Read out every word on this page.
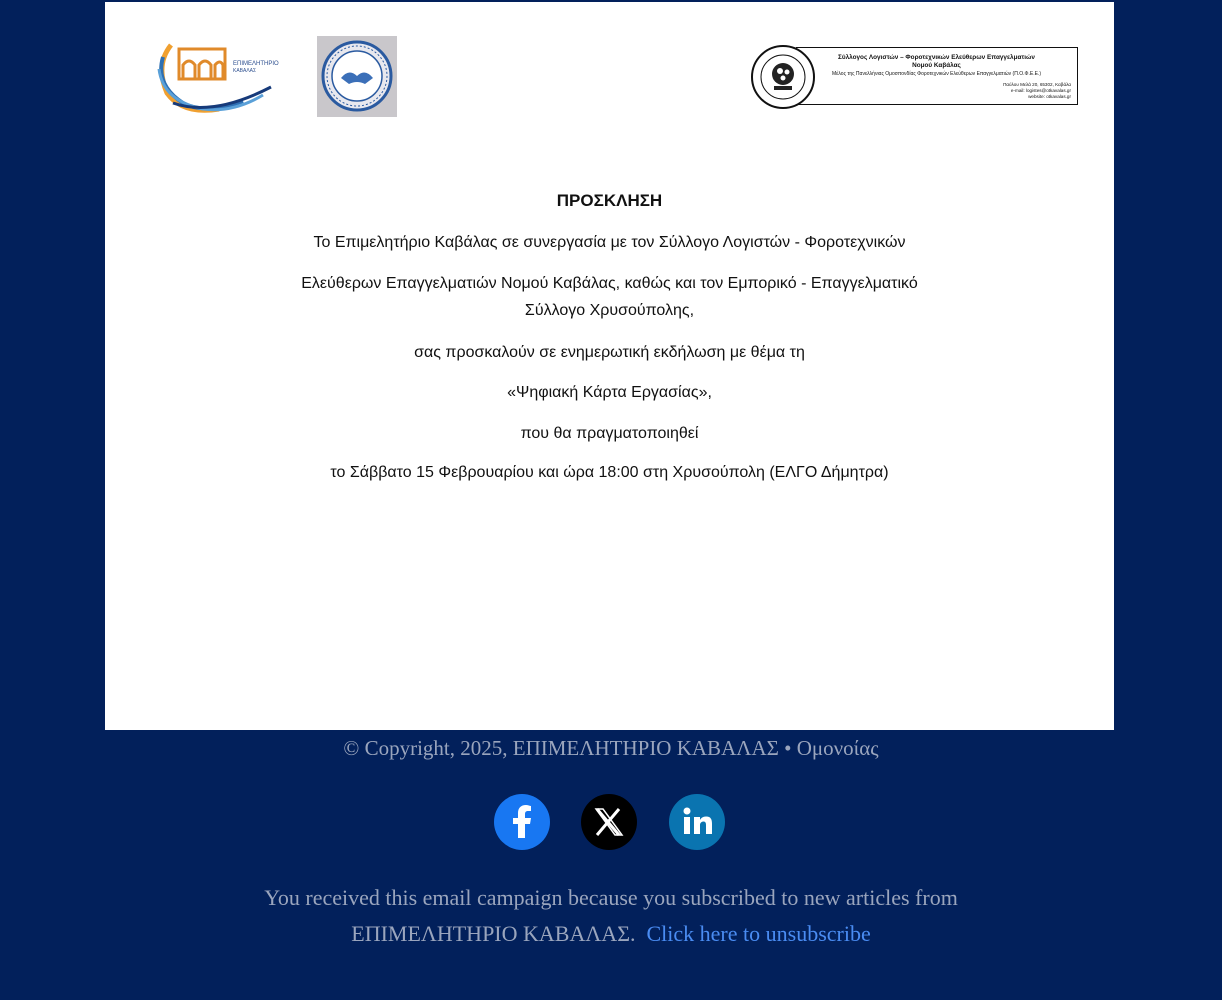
ΕΠΙΜΕΛΗΤΗΡΙΟ
ΚΑΒΑΛΑΣ
Σύλλογος Λογιστών – Φοροτεχνικών Ελεύθερων Επαγγελματιών
Νομού Καβάλας
Μέλος της Πανελλήνιας Ομοσπονδίας Φοροτεχνικών Ελεύθερων Επαγγελματιών (Π.Ο.Φ.Ε.Ε.)
Παύλου Μελά 20, 65302, Καβάλα
e-mail: logistes@otkavalas.gr
website: otkavalas.gr
ΠΡΟΣΚΛΗΣΗ
Το Επιμελητήριο Καβάλας σε συνεργασία με τον Σύλλογο Λογιστών - Φοροτεχνικών
Ελεύθερων Επαγγελματιών Νομού Καβάλας, καθώς και τον Εμπορικό - Επαγγελματικό
Σύλλογο Χρυσούπολης,
σας προσκαλούν σε ενημερωτική εκδήλωση με θέμα τη
«Ψηφιακή Κάρτα Εργασίας»,
που θα πραγματοποιηθεί
το Σάββατο 15 Φεβρουαρίου και ώρα 18:00 στη Χρυσούπολη (ΕΛΓΟ Δήμητρα)
© Copyright, 2025, ΕΠΙΜΕΛΗΤΗΡΙΟ ΚΑΒΑΛΑΣ • Ομονοίας
You received this email campaign because you subscribed to new articles from
ΕΠΙΜΕΛΗΤΗΡΙΟ ΚΑΒΑΛΑΣ. Click here to unsubscribe
